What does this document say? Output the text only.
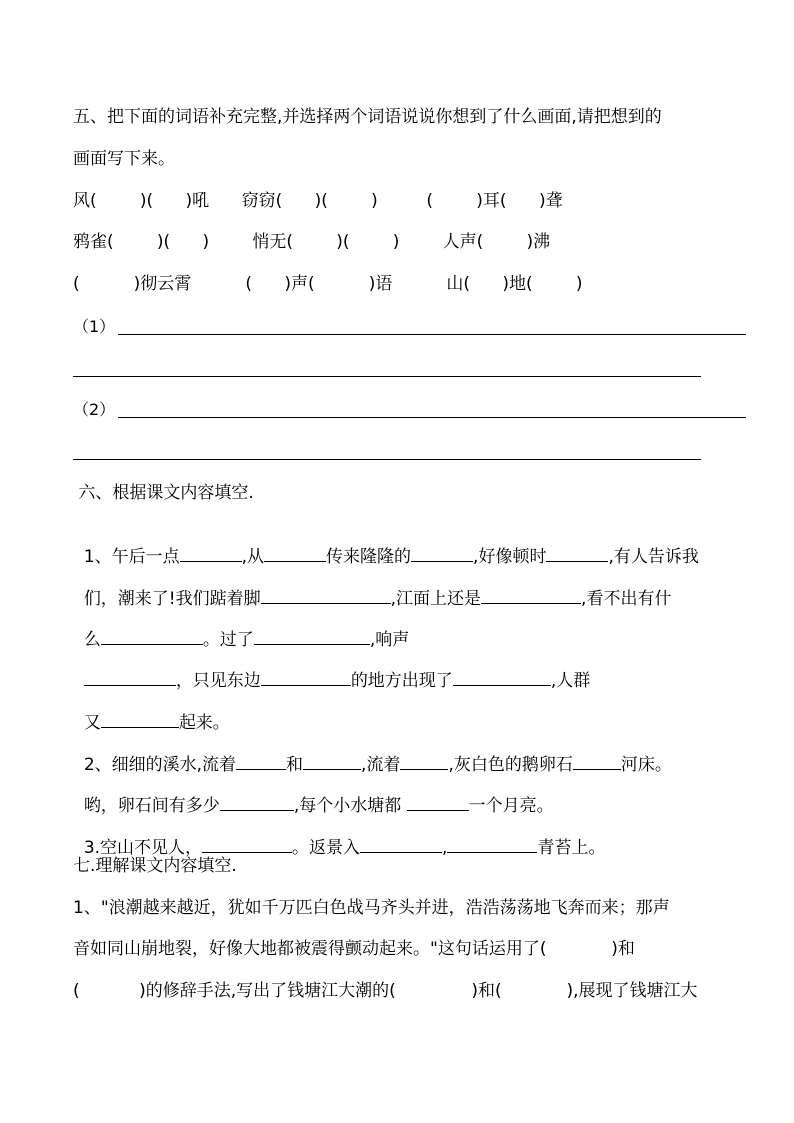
五、把下面的词语补充完整,并选择两个词语说说你想到了什么画面,请把想到的
画面写下来。
风(        )(      )吼      窃窃(      )(        )         (        )耳(      )聋
鸦雀(        )(      )        悄无(        )(        )        人声(        )沸
(          )彻云霄          (      )声(          )语          山(      )地(        )
（1）
（2）
六、根据课文内容填空.

1、午后一点	,从	传来隆隆的	,好像顿时	,有人告诉我

们，潮来了!我们踮着脚	,江面上还是	,看不出有什

么	。过了	,响声

，只见东边	的地方出现了	,人群

又	起来。

2、细细的溪水,流着	和	,流着	,灰白色的鹅卵石	河床。

哟，卵石间有多少	,每个小水塘都	一个月亮。

3.空山不见人，	。返景入	,	青苔上。

七.理解课文内容填空.
1、"浪潮越来越近，犹如千万匹白色战马齐头并进，浩浩荡荡地飞奔而来；那声
音如同山崩地裂，好像大地都被震得颤动起来。"这句话运用了(            )和
(           )的修辞手法,写出了钱塘江大潮的(              )和(            ),展现了钱塘江大
